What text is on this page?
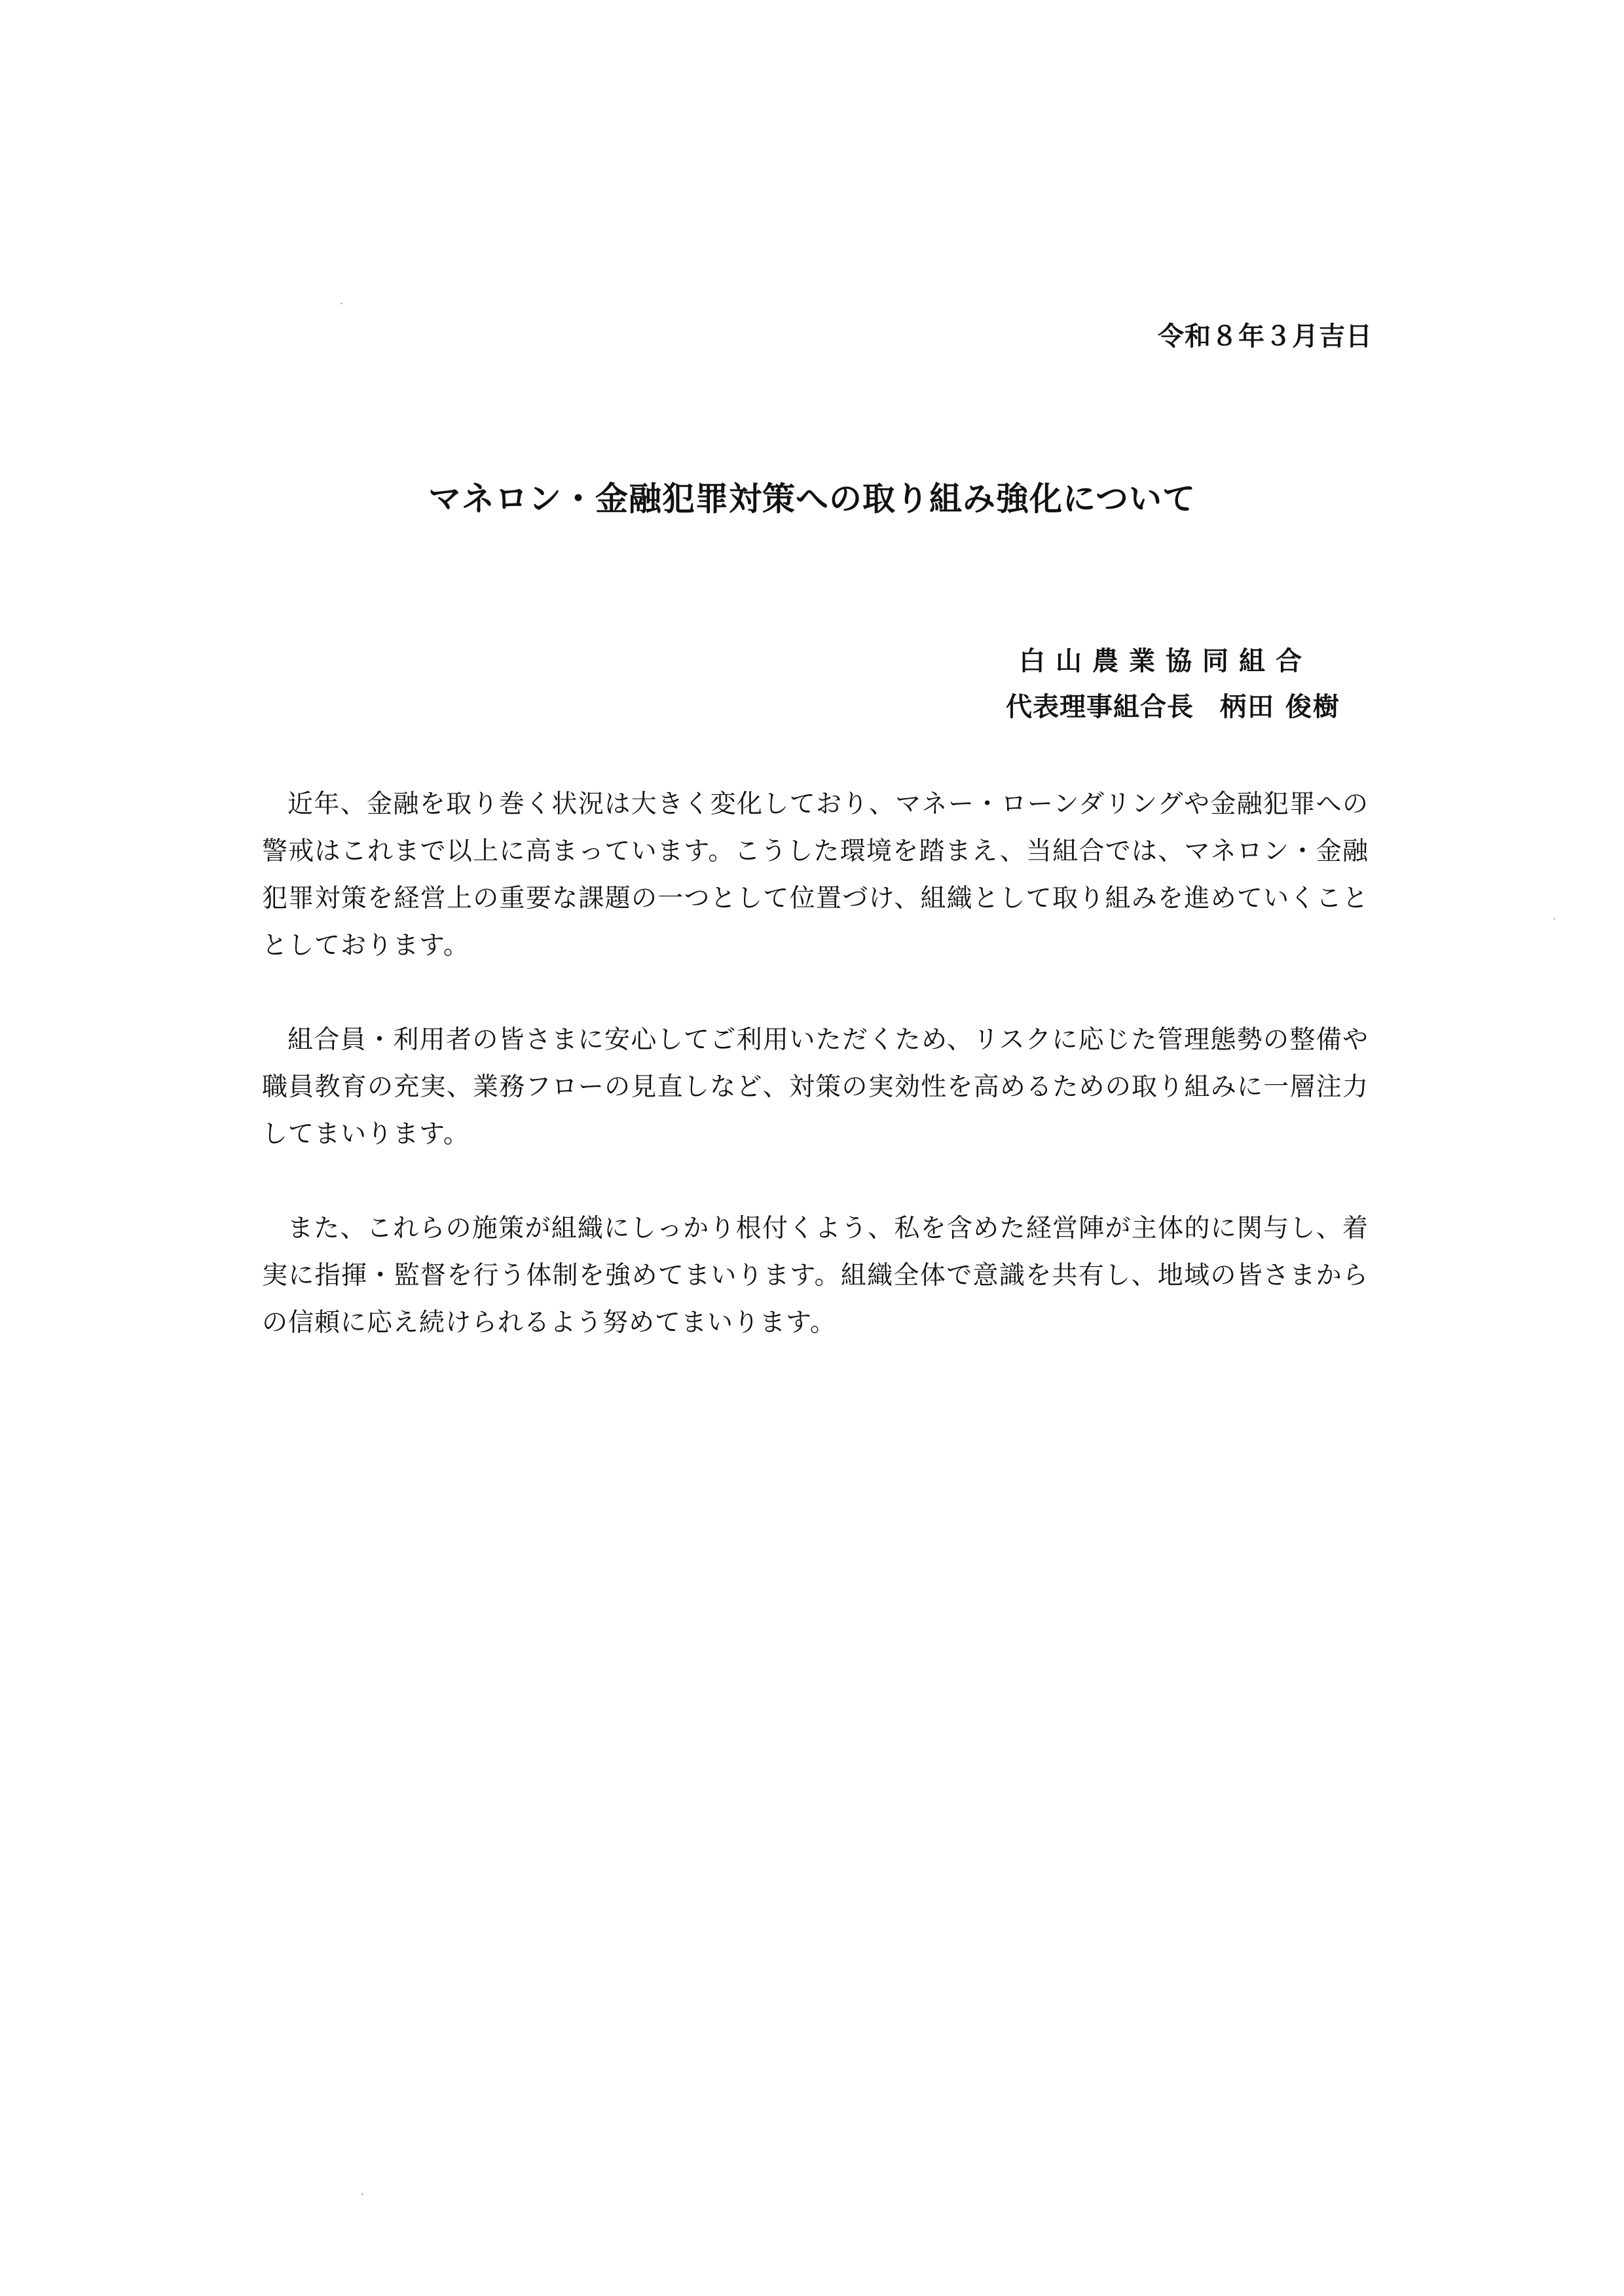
令和８年３月吉日
マネロン・金融犯罪対策への取り組み強化について
白山農業協同組合
代表理事組合長 柄田 俊樹

近年、金融を取り巻く状況は大きく変化しており、マネー・ローンダリングや金融犯罪への警戒はこれまで以上に高まっています。こうした環境を踏まえ、当組合では、マネロン・金融犯罪対策を経営上の重要な課題の一つとして位置づけ、組織として取り組みを進めていくこととしております。

組合員・利用者の皆さまに安心してご利用いただくため、リスクに応じた管理態勢の整備や職員教育の充実、業務フローの見直しなど、対策の実効性を高めるための取り組みに一層注力してまいります。

また、これらの施策が組織にしっかり根付くよう、私を含めた経営陣が主体的に関与し、着実に指揮・監督を行う体制を強めてまいります。組織全体で意識を共有し、地域の皆さまからの信頼に応え続けられるよう努めてまいります。
